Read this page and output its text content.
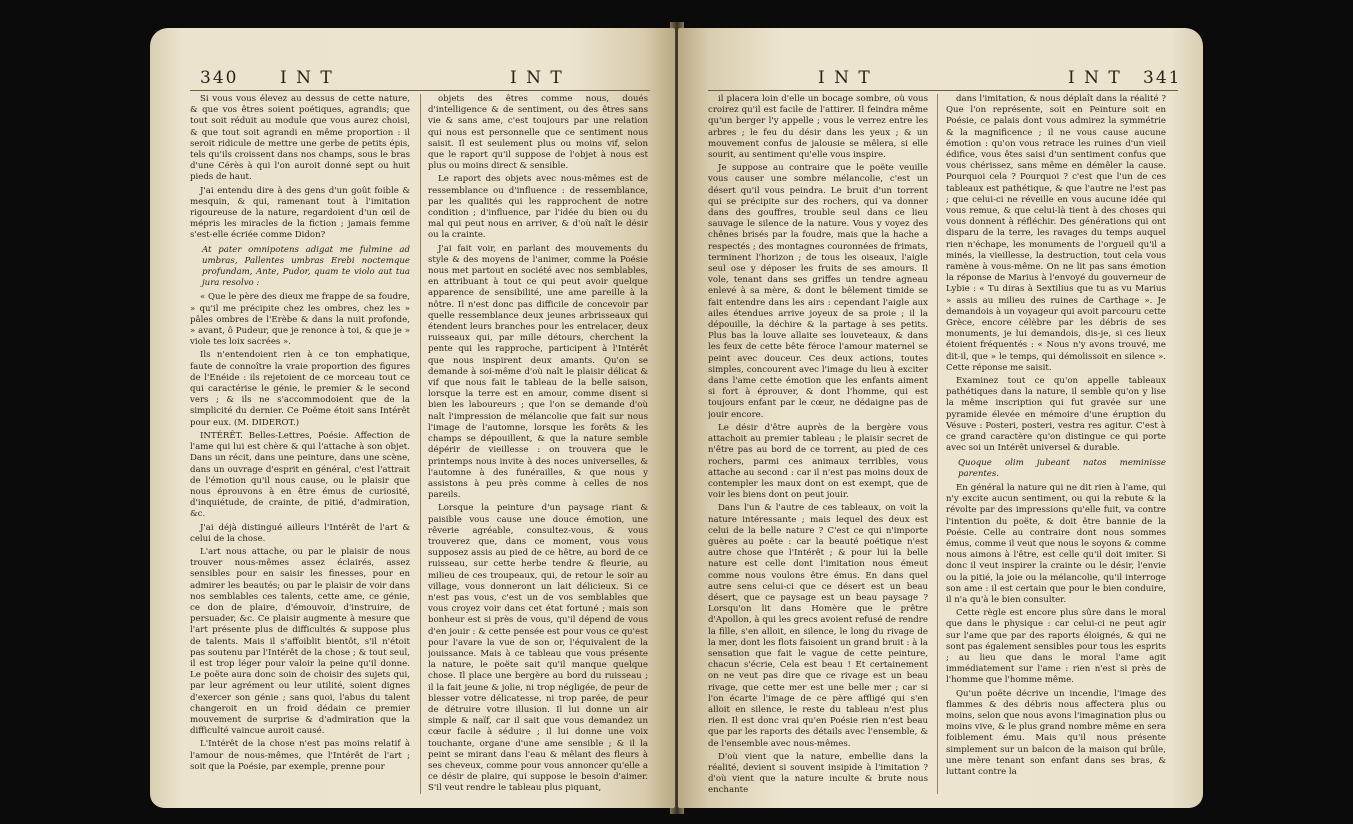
340 I N T	I N T

Si vous vous élevez au dessus de cette nature, & que vos êtres soient poétiques, agrandis; que tout soit réduit au module que vous aurez choisi, & que tout soit agrandi en même proportion : il seroit ridicule de mettre une gerbe de petits épis, tels qu'ils croissent dans nos champs, sous le bras d'une Cérès à qui l'on auroit donné sept ou huit pieds de haut.

J'ai entendu dire à des gens d'un goût foible & mesquin, & qui, ramenant tout à l'imitation rigoureuse de la nature, regardoient d'un œil de mépris les miracles de la fiction ; jamais femme s'est-elle écriée comme Didon?

At pater omnipotens adigat me fulmine ad umbras, Pallentes umbras Erebi noctemque profundam, Ante, Pudor, quam te violo aut tua jura resolvo :

« Que le père des dieux me frappe de sa foudre, » qu'il me précipite chez les ombres, chez les » pâles ombres de l'Erèbe & dans la nuit profonde, » avant, ô Pudeur, que je renonce à toi, & que je » viole tes loix sacrées ».

Ils n'entendoient rien à ce ton emphatique, faute de connoître la vraie proportion des figures de l'Enéide : ils rejetoient de ce morceau tout ce qui caractérise le génie, le premier & le second vers ; & ils ne s'accommodoient que de la simplicité du dernier. Ce Poëme étoit sans Intérêt pour eux. (M. DIDEROT.)

INTÉRÊT. Belles-Lettres, Poésie. Affection de l'ame qui lui est chère & qui l'attache à son objet. Dans un récit, dans une peinture, dans une scène, dans un ouvrage d'esprit en général, c'est l'attrait de l'émotion qu'il nous cause, ou le plaisir que nous éprouvons à en être émus de curiosité, d'inquiétude, de crainte, de pitié, d'admiration, &c.

J'ai déjà distingué ailleurs l'Intérêt de l'art & celui de la chose.

L'art nous attache, ou par le plaisir de nous trouver nous-mêmes assez éclairés, assez sensibles pour en saisir les finesses, pour en admirer les beautés; ou par le plaisir de voir dans nos semblables ces talents, cette ame, ce génie, ce don de plaire, d'émouvoir, d'instruire, de persuader, &c. Ce plaisir augmente à mesure que l'art présente plus de difficultés & suppose plus de talents. Mais il s'affoiblit bientôt, s'il n'étoit pas soutenu par l'Intérêt de la chose ; & tout seul, il est trop léger pour valoir la peine qu'il donne. Le poëte aura donc soin de choisir des sujets qui, par leur agrément ou leur utilité, soient dignes d'exercer son génie ; sans quoi, l'abus du talent changeroit en un froid dédain ce premier mouvement de surprise & d'admiration que la difficulté vaincue auroit causé.

L'Intérêt de la chose n'est pas moins relatif à l'amour de nous-mêmes, que l'Intérêt de l'art ; soit que la Poésie, par exemple, prenne pour

objets des êtres comme nous, doués d'intelligence & de sentiment, ou des êtres sans vie & sans ame, c'est toujours par une relation qui nous est personnelle que ce sentiment nous saisit. Il est seulement plus ou moins vif, selon que le raport qu'il suppose de l'objet à nous est plus ou moins direct & sensible.

Le raport des objets avec nous-mêmes est de ressemblance ou d'influence : de ressemblance, par les qualités qui les rapprochent de notre condition ; d'influence, par l'idée du bien ou du mal qui peut nous en arriver, & d'où naît le désir ou la crainte.

J'ai fait voir, en parlant des mouvements du style & des moyens de l'animer, comme la Poésie nous met partout en société avec nos semblables, en attribuant à tout ce qui peut avoir quelque apparence de sensibilité, une ame pareille à la nôtre. Il n'est donc pas difficile de concevoir par quelle ressemblance deux jeunes arbrisseaux qui étendent leurs branches pour les entrelacer, deux ruisseaux qui, par mille détours, cherchent la pente qui les rapproche, participent à l'Intérêt que nous inspirent deux amants. Qu'on se demande à soi-même d'où naît le plaisir délicat & vif que nous fait le tableau de la belle saison, lorsque la terre est en amour, comme disent si bien les laboureurs ; que l'on se demande d'où naît l'impression de mélancolie que fait sur nous l'image de l'automne, lorsque les forêts & les champs se dépouillent, & que la nature semble dépérir de vieillesse : on trouvera que le printemps nous invite à des noces universelles, & l'automne à des funérailles, & que nous y assistons à peu près comme à celles de nos pareils.

Lorsque la peinture d'un paysage riant & paisible vous cause une douce émotion, une rêverie agréable, consultez-vous, & vous trouverez que, dans ce moment, vous vous supposez assis au pied de ce hêtre, au bord de ce ruisseau, sur cette herbe tendre & fleurie, au milieu de ces troupeaux, qui, de retour le soir au village, vous donneront un lait délicieux. Si ce n'est pas vous, c'est un de vos semblables que vous croyez voir dans cet état fortuné ; mais son bonheur est si près de vous, qu'il dépend de vous d'en jouir : & cette pensée est pour vous ce qu'est pour l'avare la vue de son or, l'équivalent de la jouissance. Mais à ce tableau que vous présente la nature, le poëte sait qu'il manque quelque chose. Il place une bergère au bord du ruisseau ; il la fait jeune & jolie, ni trop négligée, de peur de blesser votre délicatesse, ni trop parée, de peur de détruire votre illusion. Il lui donne un air simple & naïf, car il sait que vous demandez un cœur facile à séduire ; il lui donne une voix touchante, organe d'une ame sensible ; & il la peint se mirant dans l'eau & mêlant des fleurs à ses cheveux, comme pour vous annoncer qu'elle a ce désir de plaire, qui suppose le besoin d'aimer. S'il veut rendre le tableau plus piquant,

I N T	I N T 341

il placera loin d'elle un bocage sombre, où vous croirez qu'il est facile de l'attirer. Il feindra même qu'un berger l'y appelle ; vous le verrez entre les arbres ; le feu du désir dans les yeux ; & un mouvement confus de jalousie se mêlera, si elle sourit, au sentiment qu'elle vous inspire.

Je suppose au contraire que le poëte veuille vous causer une sombre mélancolie, c'est un désert qu'il vous peindra. Le bruit d'un torrent qui se précipite sur des rochers, qui va donner dans des gouffres, trouble seul dans ce lieu sauvage le silence de la nature. Vous y voyez des chênes brisés par la foudre, mais que la hache a respectés ; des montagnes couronnées de frimats, terminent l'horizon ; de tous les oiseaux, l'aigle seul ose y déposer les fruits de ses amours. Il vole, tenant dans ses griffes un tendre agneau enlevé à sa mère, & dont le bêlement timide se fait entendre dans les airs : cependant l'aigle aux ailes étendues arrive joyeux de sa proie ; il la dépouille, la déchire & la partage à ses petits. Plus bas la louve allaite ses louveteaux, & dans les feux de cette bête féroce l'amour maternel se peint avec douceur. Ces deux actions, toutes simples, concourent avec l'image du lieu à exciter dans l'ame cette émotion que les enfants aiment si fort à éprouver, & dont l'homme, qui est toujours enfant par le cœur, ne dédaigne pas de jouir encore.

Le désir d'être auprès de la bergère vous attachoit au premier tableau ; le plaisir secret de n'être pas au bord de ce torrent, au pied de ces rochers, parmi ces animaux terribles, vous attache au second : car il n'est pas moins doux de contempler les maux dont on est exempt, que de voir les biens dont on peut jouir.

Dans l'un & l'autre de ces tableaux, on voit la nature intéressante ; mais lequel des deux est celui de la belle nature ? C'est ce qui n'importe guères au poëte : car la beauté poétique n'est autre chose que l'Intérêt ; & pour lui la belle nature est celle dont l'imitation nous émeut comme nous voulons être émus. En dans quel autre sens celui-ci que ce désert est un beau désert, que ce paysage est un beau paysage ? Lorsqu'on lit dans Homère que le prêtre d'Apollon, à qui les grecs avoient refusé de rendre la fille, s'en alloit, en silence, le long du rivage de la mer, dont les flots faisoient un grand bruit : à la sensation que fait le vague de cette peinture, chacun s'écrie, Cela est beau ! Et certainement on ne veut pas dire que ce rivage est un beau rivage, que cette mer est une belle mer ; car si l'on écarte l'image de ce père affligé qui s'en alloit en silence, le reste du tableau n'est plus rien. Il est donc vrai qu'en Poésie rien n'est beau que par les raports des détails avec l'ensemble, & de l'ensemble avec nous-mêmes.

D'où vient que la nature, embellie dans la réalité, devient si souvent insipide à l'imitation ? d'où vient que la nature inculte & brute nous enchante

dans l'imitation, & nous déplaît dans la réalité ? Que l'on représente, soit en Peinture soit en Poésie, ce palais dont vous admirez la symmétrie & la magnificence ; il ne vous cause aucune émotion : qu'on vous retrace les ruines d'un vieil édifice, vous êtes saisi d'un sentiment confus que vous chérissez, sans même en démêler la cause. Pourquoi cela ? Pourquoi ? c'est que l'un de ces tableaux est pathétique, & que l'autre ne l'est pas ; que celui-ci ne réveille en vous aucune idée qui vous remue, & que celui-là tient à des choses qui vous donnent à réfléchir. Des générations qui ont disparu de la terre, les ravages du temps auquel rien n'échape, les monuments de l'orgueil qu'il a minés, la vieillesse, la destruction, tout cela vous ramène à vous-même. On ne lit pas sans émotion la réponse de Marius à l'envoyé du gouverneur de Lybie : « Tu diras à Sextilius que tu as vu Marius » assis au milieu des ruines de Carthage ». Je demandois à un voyageur qui avoit parcouru cette Grèce, encore célèbre par les débris de ses monuments, je lui demandois, dis-je, si ces lieux étoient fréquentés : « Nous n'y avons trouvé, me dit-il, que » le temps, qui démolissoit en silence ». Cette réponse me saisit.

Examinez tout ce qu'on appelle tableaux pathétiques dans la nature, il semble qu'on y lise la même inscription qui fut gravée sur une pyramide élevée en mémoire d'une éruption du Vésuve : Posteri, posteri, vestra res agitur. C'est à ce grand caractère qu'on distingue ce qui porte avec soi un Intérêt universel & durable.

Quoque olim jubeant natos meminisse parentes.

En général la nature qui ne dit rien à l'ame, qui n'y excite aucun sentiment, ou qui la rebute & la révolte par des impressions qu'elle fuit, va contre l'intention du poëte, & doit être bannie de la Poésie. Celle au contraire dont nous sommes émus, comme il veut que nous le soyons & comme nous aimons à l'être, est celle qu'il doit imiter. Si donc il veut inspirer la crainte ou le désir, l'envie ou la pitié, la joie ou la mélancolie, qu'il interroge son ame : il est certain que pour le bien conduire, il n'a qu'à le bien consulter.

Cette règle est encore plus sûre dans le moral que dans le physique : car celui-ci ne peut agir sur l'ame que par des raports éloignés, & qui ne sont pas également sensibles pour tous les esprits ; au lieu que dans le moral l'ame agit immédiatement sur l'ame : rien n'est si près de l'homme que l'homme même.

Qu'un poëte décrive un incendie, l'image des flammes & des débris nous affectera plus ou moins, selon que nous avons l'imagination plus ou moins vive, & le plus grand nombre même en sera foiblement ému. Mais qu'il nous présente simplement sur un balcon de la maison qui brûle, une mère tenant son enfant dans ses bras, & luttant contre la
